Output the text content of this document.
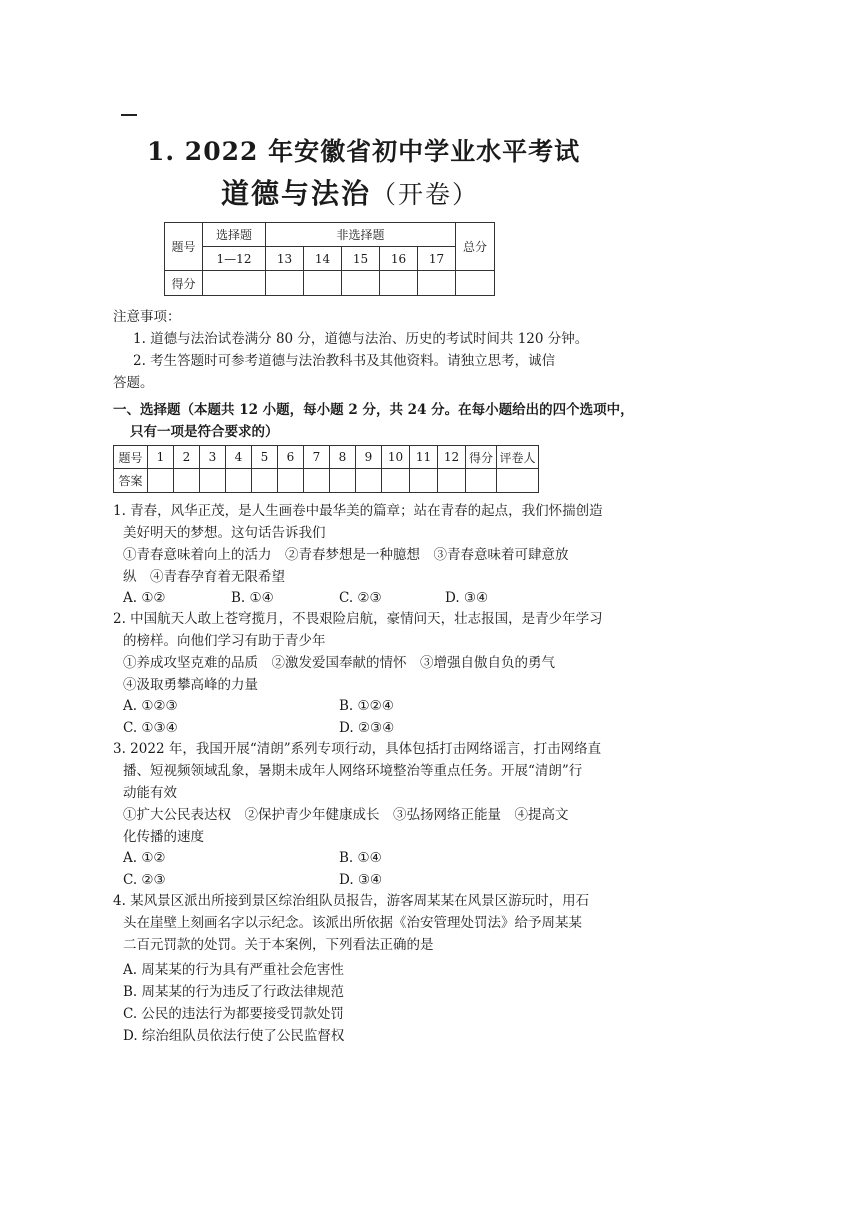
1. 2022 年安徽省初中学业水平考试
道德与法治（开卷）
题号	选择题	非选择题					总分
	1—12	13	14	15	16	17	
得分							
注意事项：
1. 道德与法治试卷满分 80 分，道德与法治、历史的考试时间共 120 分钟。
2. 考生答题时可参考道德与法治教科书及其他资料。请独立思考，诚信
答题。
一、选择题（本题共 12 小题，每小题 2 分，共 24 分。在每小题给出的四个选项中，
只有一项是符合要求的）
题号	1	2	3	4	5	6	7	8	9	10	11	12	得分	评卷人
答案														
1. 青春，风华正茂，是人生画卷中最华美的篇章；站在青春的起点，我们怀揣创造
美好明天的梦想。这句话告诉我们
①青春意味着向上的活力　②青春梦想是一种臆想　③青春意味着可肆意放
纵　④青春孕育着无限希望
A. ①②	B. ①④	C. ②③	D. ③④
2. 中国航天人敢上苍穹揽月，不畏艰险启航，豪情问天，壮志报国，是青少年学习
的榜样。向他们学习有助于青少年
①养成攻坚克难的品质　②激发爱国奉献的情怀　③增强自傲自负的勇气
④汲取勇攀高峰的力量
A. ①②③	B. ①②④
C. ①③④	D. ②③④
3. 2022 年，我国开展“清朗”系列专项行动，具体包括打击网络谣言，打击网络直
播、短视频领域乱象，暑期未成年人网络环境整治等重点任务。开展“清朗”行
动能有效
①扩大公民表达权　②保护青少年健康成长　③弘扬网络正能量　④提高文
化传播的速度
A. ①②	B. ①④
C. ②③	D. ③④
4. 某风景区派出所接到景区综治组队员报告，游客周某某在风景区游玩时，用石
头在崖壁上刻画名字以示纪念。该派出所依据《治安管理处罚法》给予周某某
二百元罚款的处罚。关于本案例，下列看法正确的是
A. 周某某的行为具有严重社会危害性
B. 周某某的行为违反了行政法律规范
C. 公民的违法行为都要接受罚款处罚
D. 综治组队员依法行使了公民监督权
